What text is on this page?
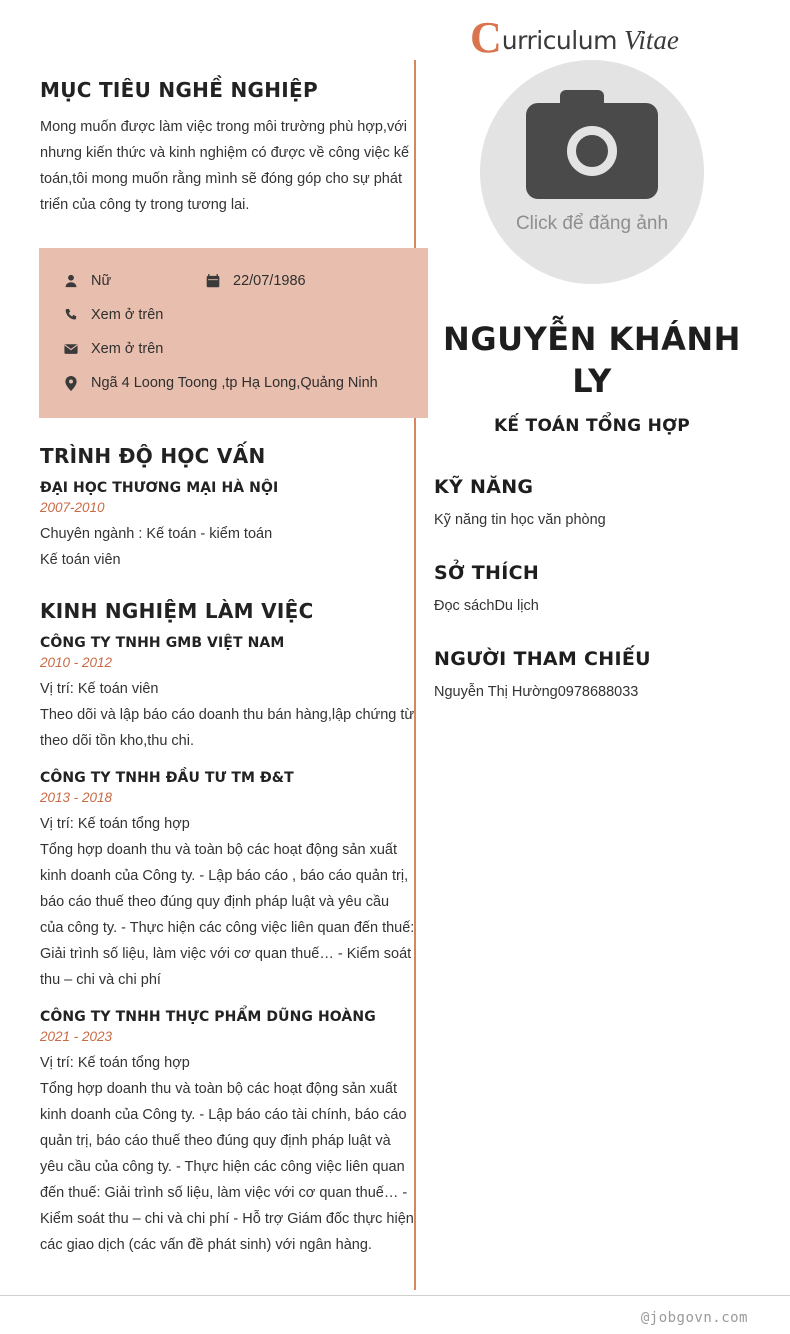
C urriculum Vitae
MỤC TIÊU NGHỀ NGHIỆP

Mong muốn được làm việc trong môi trường phù hợp,với nhưng kiến thức và kinh nghiệm có được về công việc kế toán,tôi mong muốn rằng mình sẽ đóng góp cho sự phát triển của công ty trong tương lai.

Nữ	22/07/1986
Xem ở trên
Xem ở trên
Ngã 4 Loong Toong ,tp Hạ Long,Quảng Ninh
TRÌNH ĐỘ HỌC VẤN

ĐẠI HỌC THƯƠNG MẠI HÀ NỘI

2007-2010

Chuyên ngành : Kế toán - kiểm toán

Kế toán viên

KINH NGHIỆM LÀM VIỆC

CÔNG TY TNHH GMB VIỆT NAM

2010 - 2012

Vị trí: Kế toán viên

Theo dõi và lập báo cáo doanh thu bán hàng,lập chứng từ theo dõi tồn kho,thu chi.

CÔNG TY TNHH ĐẦU TƯ TM Đ&T

2013 - 2018

Vị trí: Kế toán tổng hợp

Tổng hợp doanh thu và toàn bộ các hoạt động sản xuất kinh doanh của Công ty. - Lập báo cáo , báo cáo quản trị, báo cáo thuế theo đúng quy định pháp luật và yêu cầu của công ty. - Thực hiện các công việc liên quan đến thuế: Giải trình số liệu, làm việc với cơ quan thuế… - Kiểm soát thu – chi và chi phí

CÔNG TY TNHH THỰC PHẨM DŨNG HOÀNG

2021 - 2023

Vị trí: Kế toán tổng hợp

Tổng hợp doanh thu và toàn bộ các hoạt động sản xuất kinh doanh của Công ty. - Lập báo cáo tài chính, báo cáo quản trị, báo cáo thuế theo đúng quy định pháp luật và yêu cầu của công ty. - Thực hiện các công việc liên quan đến thuế: Giải trình số liệu, làm việc với cơ quan thuế… - Kiểm soát thu – chi và chi phí - Hỗ trợ Giám đốc thực hiện các giao dịch (các vấn đề phát sinh) với ngân hàng.

Click để đăng ảnh
NGUYỄN KHÁNH LY

KẾ TOÁN TỔNG HỢP

KỸ NĂNG

Kỹ năng tin học văn phòng

SỞ THÍCH

Đọc sáchDu lịch

NGƯỜI THAM CHIẾU

Nguyễn Thị Hường0978688033

@jobgovn.com
